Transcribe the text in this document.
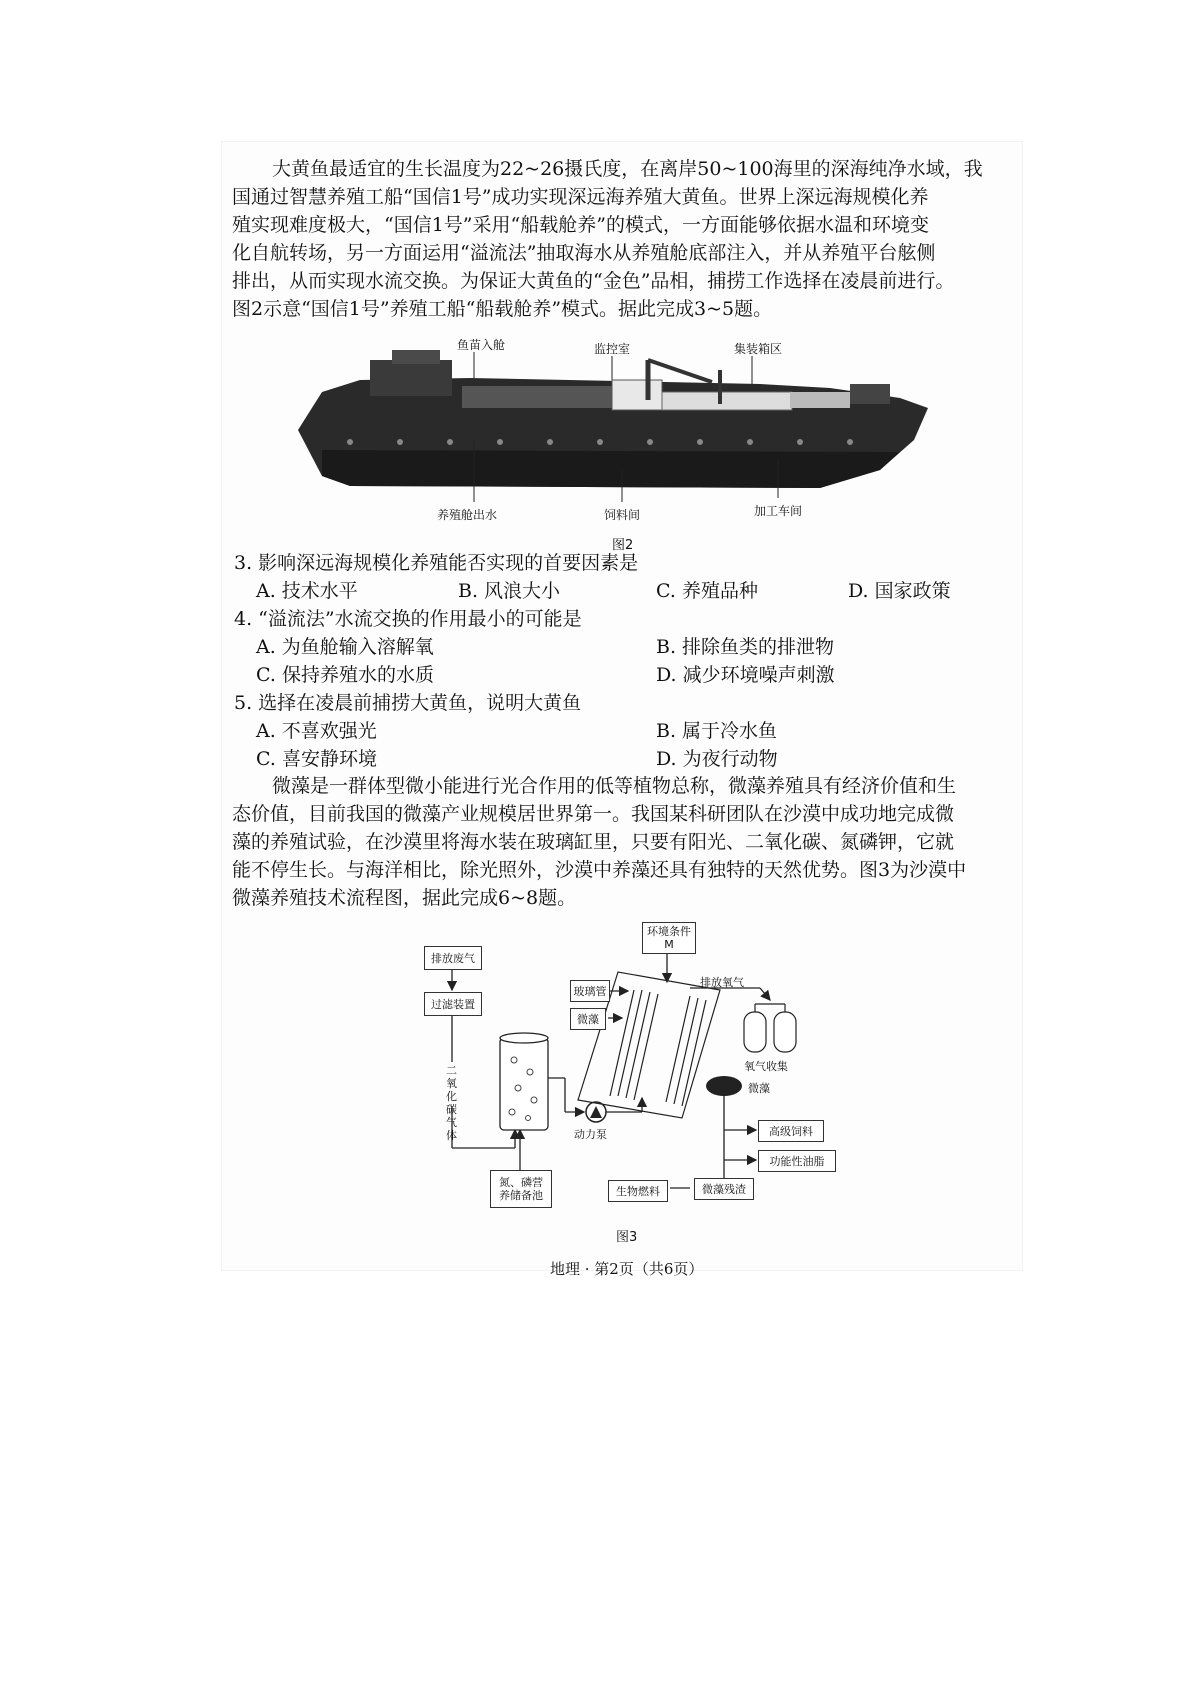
大黄鱼最适宜的生长温度为22~26摄氏度，在离岸50~100海里的深海纯净水域，我
国通过智慧养殖工船“国信1号”成功实现深远海养殖大黄鱼。世界上深远海规模化养
殖实现难度极大，“国信1号”采用“船载舱养”的模式，一方面能够依据水温和环境变
化自航转场，另一方面运用“溢流法”抽取海水从养殖舱底部注入，并从养殖平台舷侧
排出，从而实现水流交换。为保证大黄鱼的“金色”品相，捕捞工作选择在凌晨前进行。
图2示意“国信1号”养殖工船“船载舱养”模式。据此完成3~5题。
鱼苗入舱	监控室	集装箱区
养殖舱出水	饲料间	加工车间
图2
3. 影响深远海规模化养殖能否实现的首要因素是
A. 技术水平	B. 风浪大小	C. 养殖品种	D. 国家政策
4. “溢流法”水流交换的作用最小的可能是
A. 为鱼舱输入溶解氧	B. 排除鱼类的排泄物
C. 保持养殖水的水质	D. 减少环境噪声刺激
5. 选择在凌晨前捕捞大黄鱼，说明大黄鱼
A. 不喜欢强光	B. 属于冷水鱼
C. 喜安静环境	D. 为夜行动物
微藻是一群体型微小能进行光合作用的低等植物总称，微藻养殖具有经济价值和生
态价值，目前我国的微藻产业规模居世界第一。我国某科研团队在沙漠中成功地完成微
藻的养殖试验，在沙漠里将海水装在玻璃缸里，只要有阳光、二氧化碳、氮磷钾，它就
能不停生长。与海洋相比，除光照外，沙漠中养藻还具有独特的天然优势。图3为沙漠中
微藻养殖技术流程图，据此完成6~8题。
排放废气
过滤装置
二氧化碳气体
环境条件
M
玻璃管
微藻
排放氧气
氧气收集
微藻
动力泵
氮、磷营
养储备池
高级饲料
功能性油脂
微藻残渣
生物燃料
图3
地理 · 第2页（共6页）
